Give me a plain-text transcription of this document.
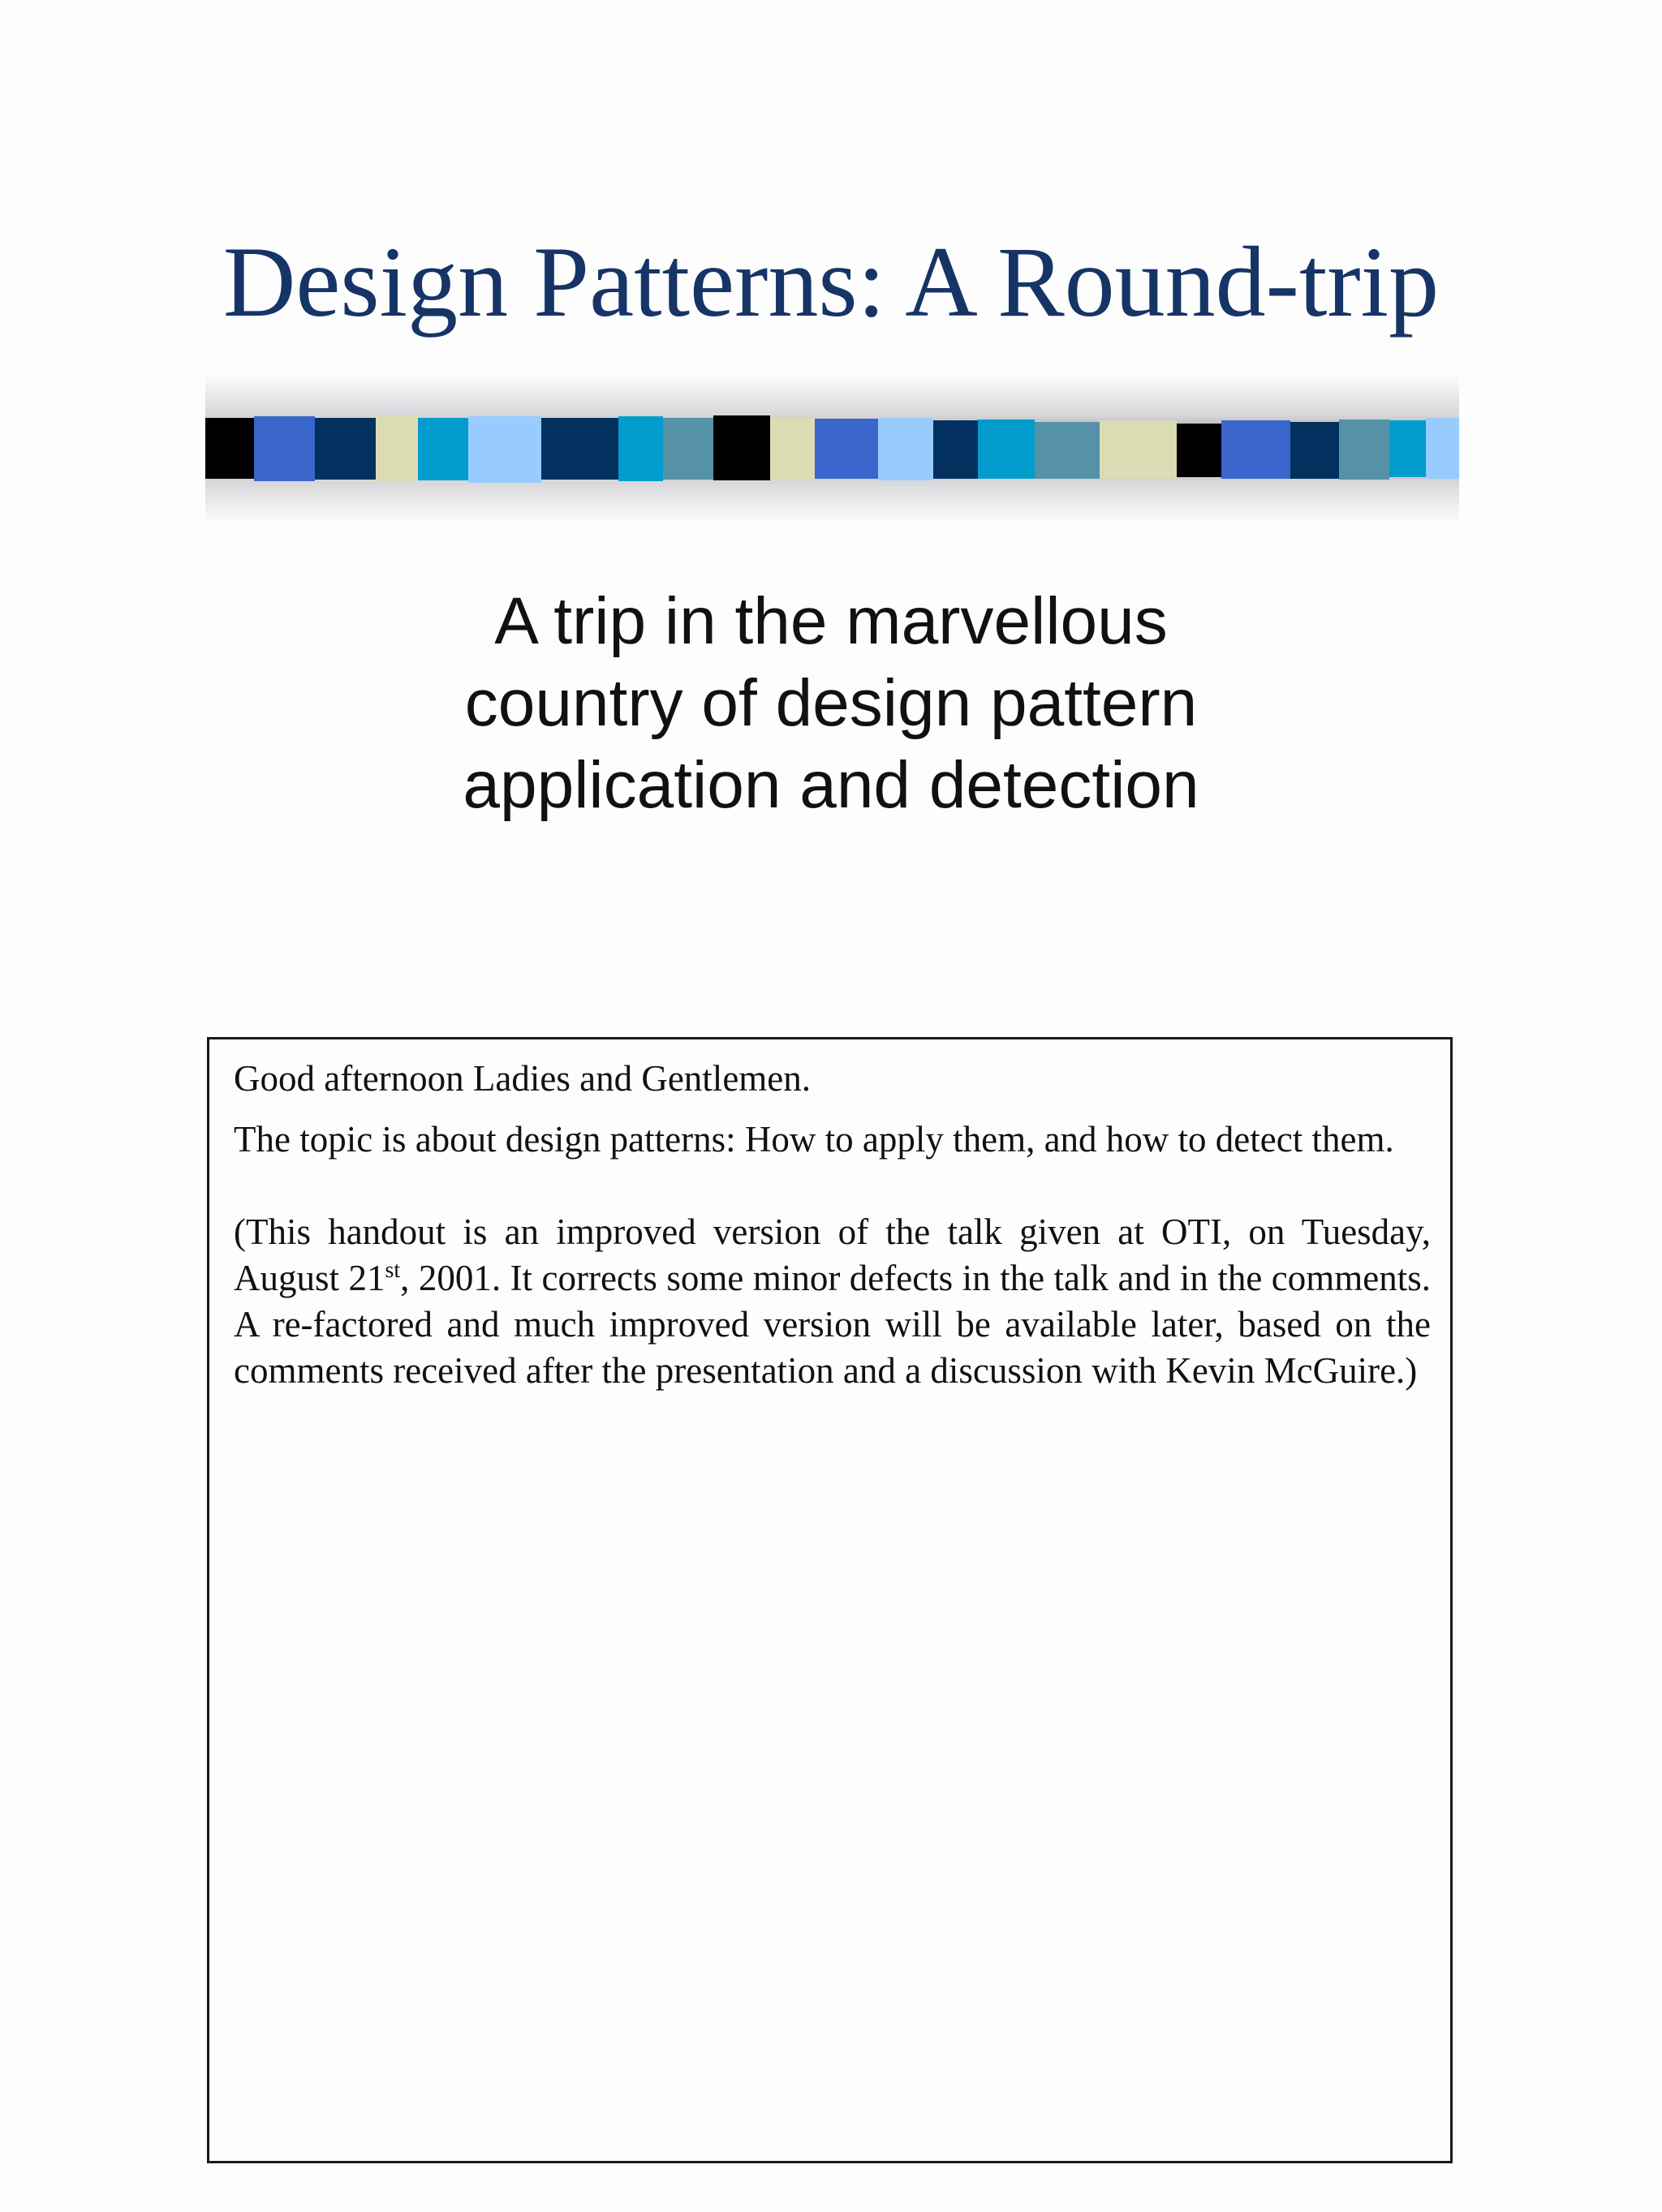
Design Patterns: A Round-trip
A trip in the marvellous
country of design pattern
application and detection

Good afternoon Ladies and Gentlemen.

The topic is about design patterns: How to apply them, and how to detect them.

(This handout is an improved version of the talk given at OTI, on Tuesday, August 21st, 2001. It corrects some minor defects in the talk and in the comments. A re-factored and much improved version will be available later, based on the comments received after the presentation and a discussion with Kevin McGuire.)
